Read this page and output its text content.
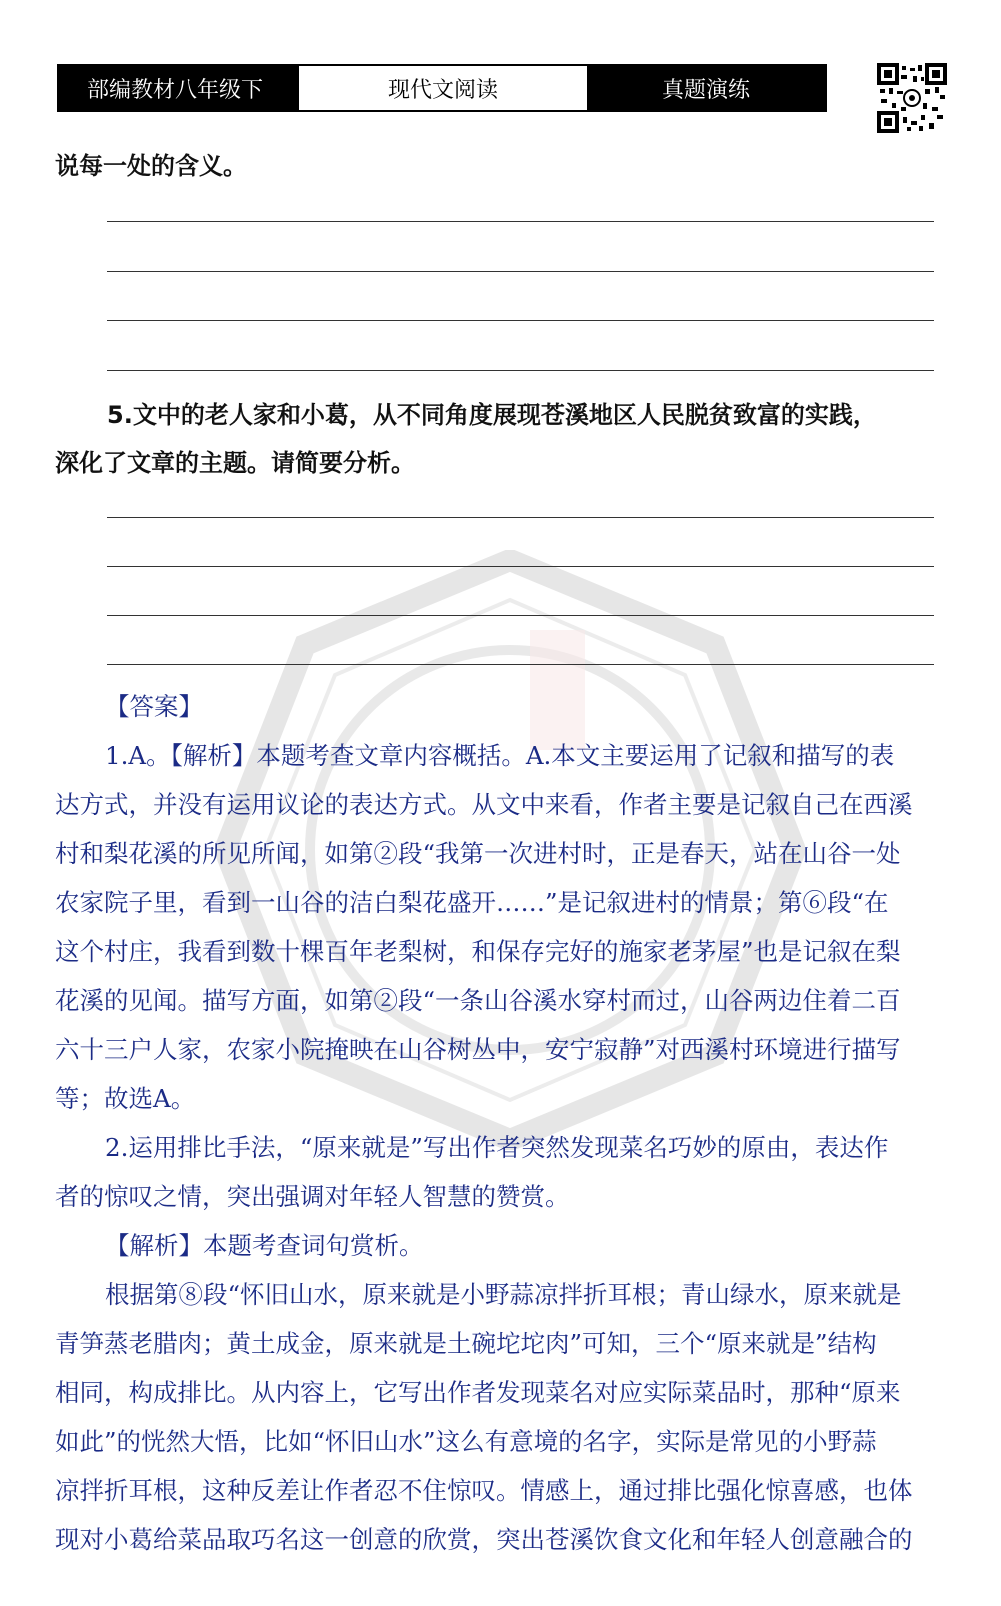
部编教材八年级下	现代文阅读	真题演练
说每一处的含义。
5.文中的老人家和小葛，从不同角度展现苍溪地区人民脱贫致富的实践，
深化了文章的主题。请简要分析。
【答案】
1.A。【解析】本题考查文章内容概括。A.本文主要运用了记叙和描写的表
达方式，并没有运用议论的表达方式。从文中来看，作者主要是记叙自己在西溪
村和梨花溪的所见所闻，如第②段“我第一次进村时，正是春天，站在山谷一处
农家院子里，看到一山谷的洁白梨花盛开……”是记叙进村的情景；第⑥段“在
这个村庄，我看到数十棵百年老梨树，和保存完好的施家老茅屋”也是记叙在梨
花溪的见闻。描写方面，如第②段“一条山谷溪水穿村而过，山谷两边住着二百
六十三户人家，农家小院掩映在山谷树丛中，安宁寂静”对西溪村环境进行描写
等；故选A。
2.运用排比手法，“原来就是”写出作者突然发现菜名巧妙的原由，表达作
者的惊叹之情，突出强调对年轻人智慧的赞赏。
【解析】本题考查词句赏析。
根据第⑧段“怀旧山水，原来就是小野蒜凉拌折耳根；青山绿水，原来就是
青笋蒸老腊肉；黄土成金，原来就是土碗坨坨肉”可知，三个“原来就是”结构
相同，构成排比。从内容上，它写出作者发现菜名对应实际菜品时，那种“原来
如此”的恍然大悟，比如“怀旧山水”这么有意境的名字，实际是常见的小野蒜
凉拌折耳根，这种反差让作者忍不住惊叹。情感上，通过排比强化惊喜感，也体
现对小葛给菜品取巧名这一创意的欣赏，突出苍溪饮食文化和年轻人创意融合的
